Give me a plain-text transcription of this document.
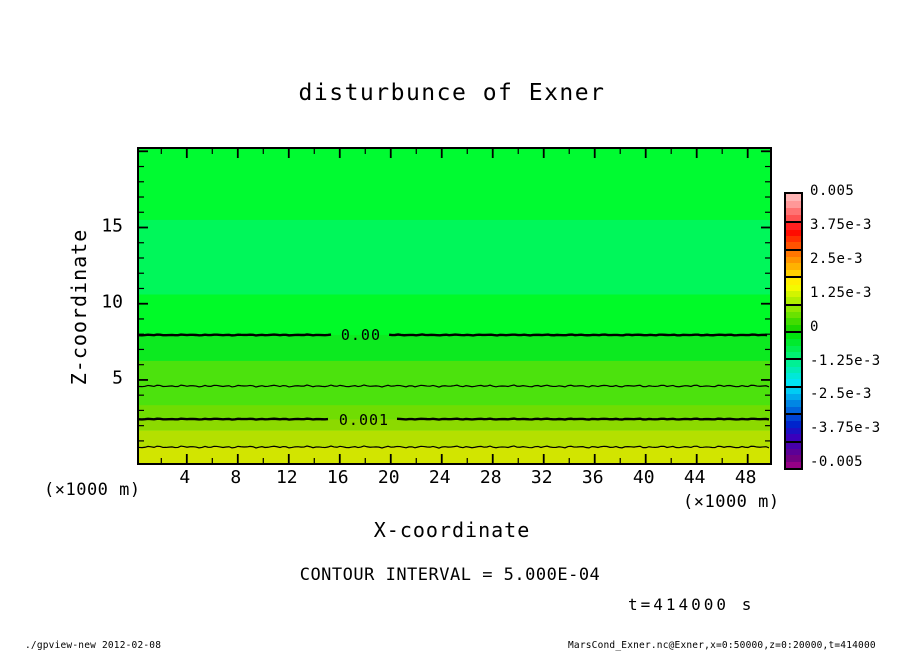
disturbunce of Exner
Z-coordinate	0.00
0.001
5
10
15
4 8 12 16 20 24 28 32 36 40 44 48
(×1000 m)
(×1000 m)
X-coordinate
CONTOUR INTERVAL = 5.000E-04
t=414000 s
0.005
3.75e-3
2.5e-3
1.25e-3
0
-1.25e-3
-2.5e-3
-3.75e-3
-0.005
./gpview-new 2012-02-08	MarsCond_Exner.nc@Exner,x=0:50000,z=0:20000,t=414000
